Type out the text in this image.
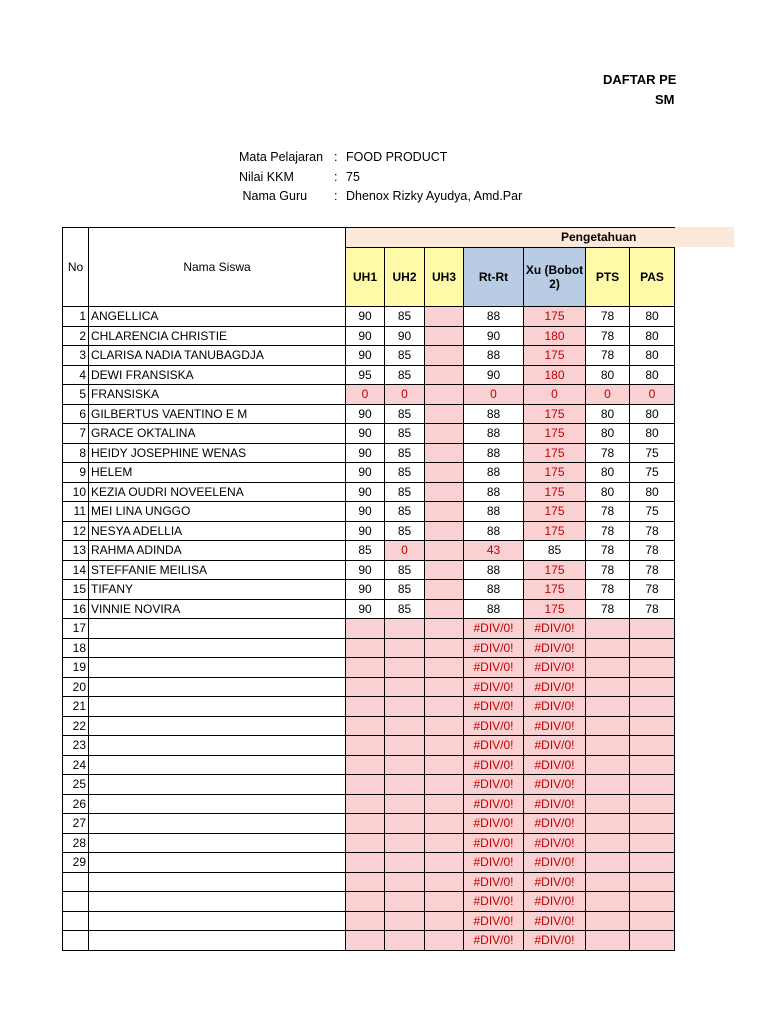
DAFTAR PE
SM
Mata Pelajaran : FOOD PRODUCT
Nilai KKM	: 75
Nama Guru	: Dhenox Rizky Ayudya, Amd.Par
Pengetahuan
No	Nama Siswa							
		UH1	UH2	UH3	Rt-Rt	Xu (Bobot 2)	PTS	PAS
1	ANGELLICA	90	85		88	175	78	80
2	CHLARENCIA CHRISTIE	90	90		90	180	78	80
3	CLARISA NADIA TANUBAGDJA	90	85		88	175	78	80
4	DEWI FRANSISKA	95	85		90	180	80	80
5	FRANSISKA	0	0		0	0	0	0
6	GILBERTUS VAENTINO E M	90	85		88	175	80	80
7	GRACE OKTALINA	90	85		88	175	80	80
8	HEIDY JOSEPHINE WENAS	90	85		88	175	78	75
9	HELEM	90	85		88	175	80	75
10	KEZIA OUDRI NOVEELENA	90	85		88	175	80	80
11	MEI LINA UNGGO	90	85		88	175	78	75
12	NESYA ADELLIA	90	85		88	175	78	78
13	RAHMA ADINDA	85	0		43	85	78	78
14	STEFFANIE MEILISA	90	85		88	175	78	78
15	TIFANY	90	85		88	175	78	78
16	VINNIE NOVIRA	90	85		88	175	78	78
17					#DIV/0!	#DIV/0!		
18					#DIV/0!	#DIV/0!		
19					#DIV/0!	#DIV/0!		
20					#DIV/0!	#DIV/0!		
21					#DIV/0!	#DIV/0!		
22					#DIV/0!	#DIV/0!		
23					#DIV/0!	#DIV/0!		
24					#DIV/0!	#DIV/0!		
25					#DIV/0!	#DIV/0!		
26					#DIV/0!	#DIV/0!		
27					#DIV/0!	#DIV/0!		
28					#DIV/0!	#DIV/0!		
29					#DIV/0!	#DIV/0!		
					#DIV/0!	#DIV/0!		
					#DIV/0!	#DIV/0!		
					#DIV/0!	#DIV/0!		
					#DIV/0!	#DIV/0!		
